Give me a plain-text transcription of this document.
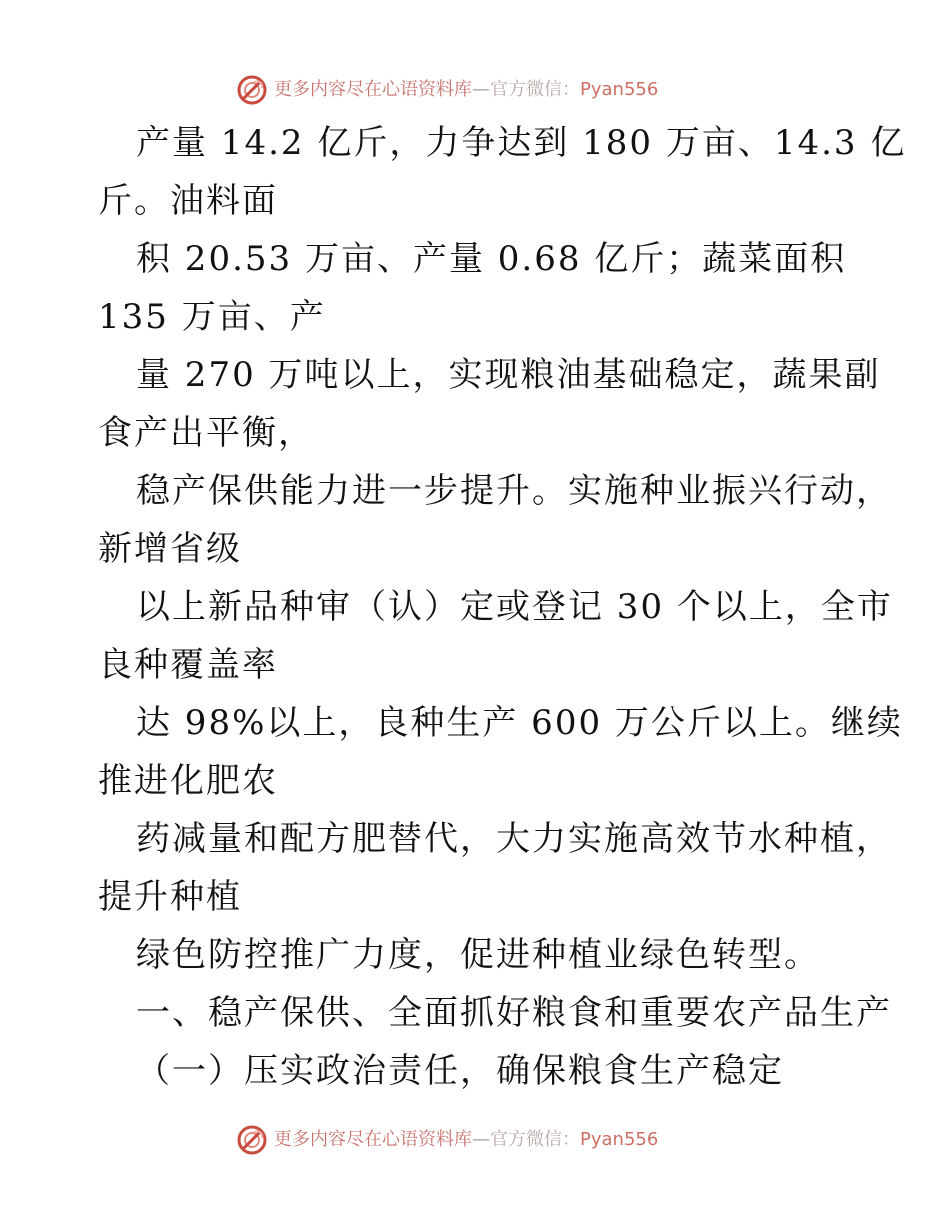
更多内容尽在心语资料库—官方微信：Pyan556
产量 14.2 亿斤，力争达到 180 万亩、14.3 亿
斤。油料面
积 20.53 万亩、产量 0.68 亿斤；蔬菜面积
135 万亩、产
量 270 万吨以上，实现粮油基础稳定，蔬果副
食产出平衡，
稳产保供能力进一步提升。实施种业振兴行动，
新增省级
以上新品种审（认）定或登记 30 个以上，全市
良种覆盖率
达 98%以上，良种生产 600 万公斤以上。继续
推进化肥农
药减量和配方肥替代，大力实施高效节水种植，
提升种植
绿色防控推广力度，促进种植业绿色转型。
一、稳产保供、全面抓好粮食和重要农产品生产
（一）压实政治责任，确保粮食生产稳定
更多内容尽在心语资料库—官方微信：Pyan556
